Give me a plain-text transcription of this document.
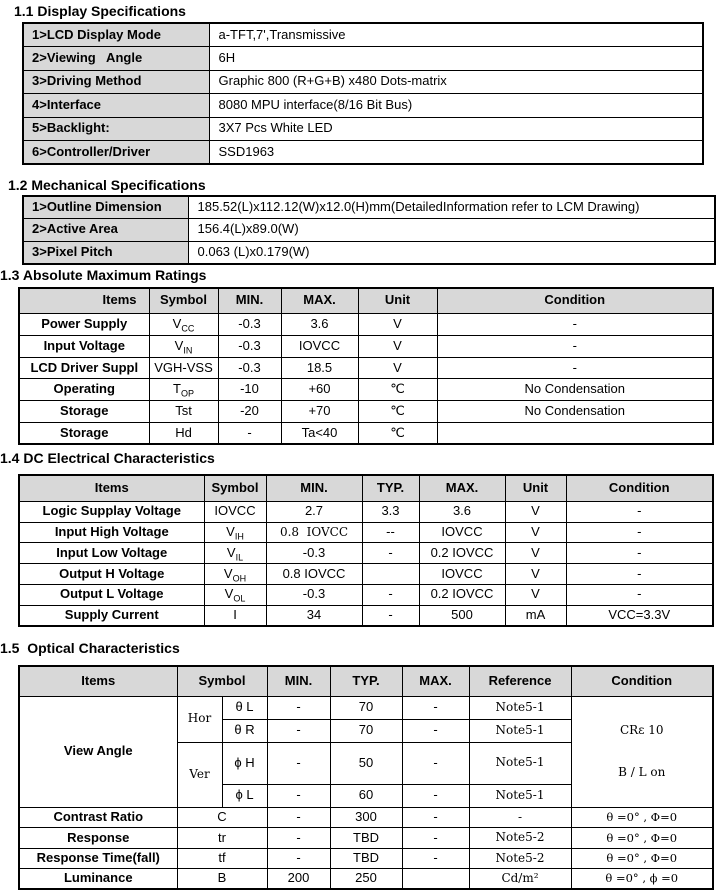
1.1 Display Specifications
1>LCD Display Mode	a-TFT,7',Transmissive
2>Viewing   Angle	6H
3>Driving Method	Graphic 800 (R+G+B) x480 Dots-matrix
4>Interface	8080 MPU interface(8/16 Bit Bus)
5>Backlight:	3X7 Pcs White LED
6>Controller/Driver	SSD1963
1.2 Mechanical Specifications
1>Outline Dimension	185.52(L)x112.12(W)x12.0(H)mm(DetailedInformation refer to LCM Drawing)
2>Active Area	156.4(L)x89.0(W)
3>Pixel Pitch	0.063 (L)x0.179(W)
1.3 Absolute Maximum Ratings
Items	Symbol	MIN.	MAX.	Unit	Condition
Power Supply	$V_{CC}$	-0.3	3.6	V	-
Input Voltage	$V_{IN}$	-0.3	IOVCC	V	-
LCD Driver Suppl	VGH-VSS	-0.3	18.5	V	-
Operating	$T_{OP}$	-10	+60	℃	No Condensation
Storage	Tst	-20	+70	℃	No Condensation
Storage	Hd	-	Ta<40	℃	
1.4 DC Electrical Characteristics
Items	Symbol	MIN.	TYP.	MAX.	Unit	Condition
Logic Supplay Voltage	IOVCC	2.7	3.3	3.6	V	-
Input High Voltage	$V_{IH}$	0.8  IOVCC	--	IOVCC	V	-
Input Low Voltage	$V_{IL}$	-0.3	-	0.2 IOVCC	V	-
Output H Voltage	$V_{OH}$	0.8 IOVCC		IOVCC	V	-
Output L Voltage	$V_{OL}$	-0.3	-	0.2 IOVCC	V	-
Supply Current	I	34	-	500	mA	VCC=3.3V
1.5  Optical Characteristics
Items	Symbol		MIN.	TYP.	MAX.	Reference	Condition
View Angle	Hor	θ L	-	70	-	Note5-1	CRε 10

B / L on

		θ R	-	70	-	Note5-1	
	Ver	ϕ H	-	50	-	Note5-1	
		ϕ L	-	60	-	Note5-1	
Contrast Ratio	C		-	300	-	-	θ =0° , Φ=0
Response	tr		-	TBD	-	Note5-2	θ =0° , Φ=0
Response Time(fall)	tf		-	TBD	-	Note5-2	θ =0° , Φ=0
Luminance	B		200	250		Cd/m²	θ =0° , ϕ =0
